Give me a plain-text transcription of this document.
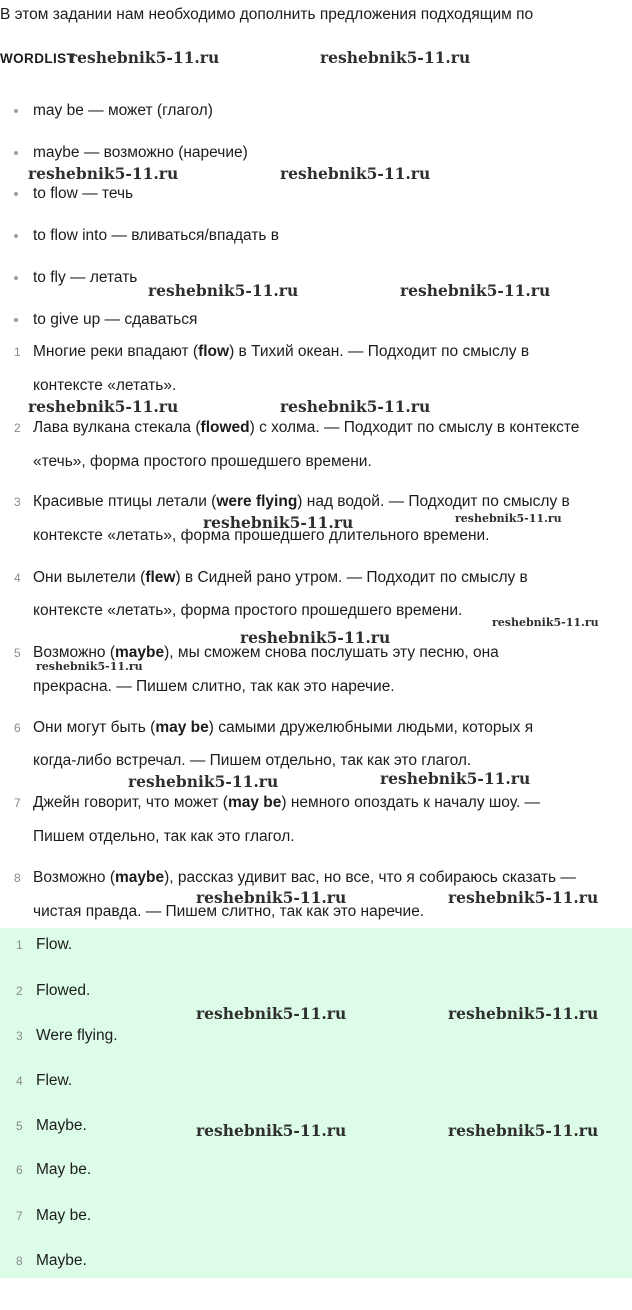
В этом задании нам необходимо дополнить предложения подходящим по
WORDLIST
may be — может (глагол)
maybe — возможно (наречие)
to flow — течь
to flow into — вливаться/впадать в
to fly — летать
to give up — сдаваться
1 Многие реки впадают (flow) в Тихий океан. — Подходит по смыслу в
контексте «летать».
2 Лава вулкана стекала (flowed) с холма. — Подходит по смыслу в контексте
«течь», форма простого прошедшего времени.
3 Красивые птицы летали (were flying) над водой. — Подходит по смыслу в
контексте «летать», форма прошедшего длительного времени.
4 Они вылетели (flew) в Сидней рано утром. — Подходит по смыслу в
контексте «летать», форма простого прошедшего времени.
5 Возможно (maybe), мы сможем снова послушать эту песню, она
прекрасна. — Пишем слитно, так как это наречие.
6 Они могут быть (may be) самыми дружелюбными людьми, которых я
когда-либо встречал. — Пишем отдельно, так как это глагол.
7 Джейн говорит, что может (may be) немного опоздать к началу шоу. —
Пишем отдельно, так как это глагол.
8 Возможно (maybe), рассказ удивит вас, но все, что я собираюсь сказать —
чистая правда. — Пишем слитно, так как это наречие.
1 Flow.
2 Flowed.
3 Were flying.
4 Flew.
5 Maybe.
6 May be.
7 May be.
8 Maybe.
reshebnik5-11.ru	reshebnik5-11.ru
reshebnik5-11.ru	reshebnik5-11.ru
reshebnik5-11.ru	reshebnik5-11.ru
reshebnik5-11.ru	reshebnik5-11.ru
reshebnik5-11.ru	reshebnik5-11.ru
reshebnik5-11.ru
reshebnik5-11.ru
reshebnik5-11.ru
reshebnik5-11.ru	reshebnik5-11.ru
reshebnik5-11.ru	reshebnik5-11.ru
reshebnik5-11.ru	reshebnik5-11.ru
reshebnik5-11.ru	reshebnik5-11.ru
